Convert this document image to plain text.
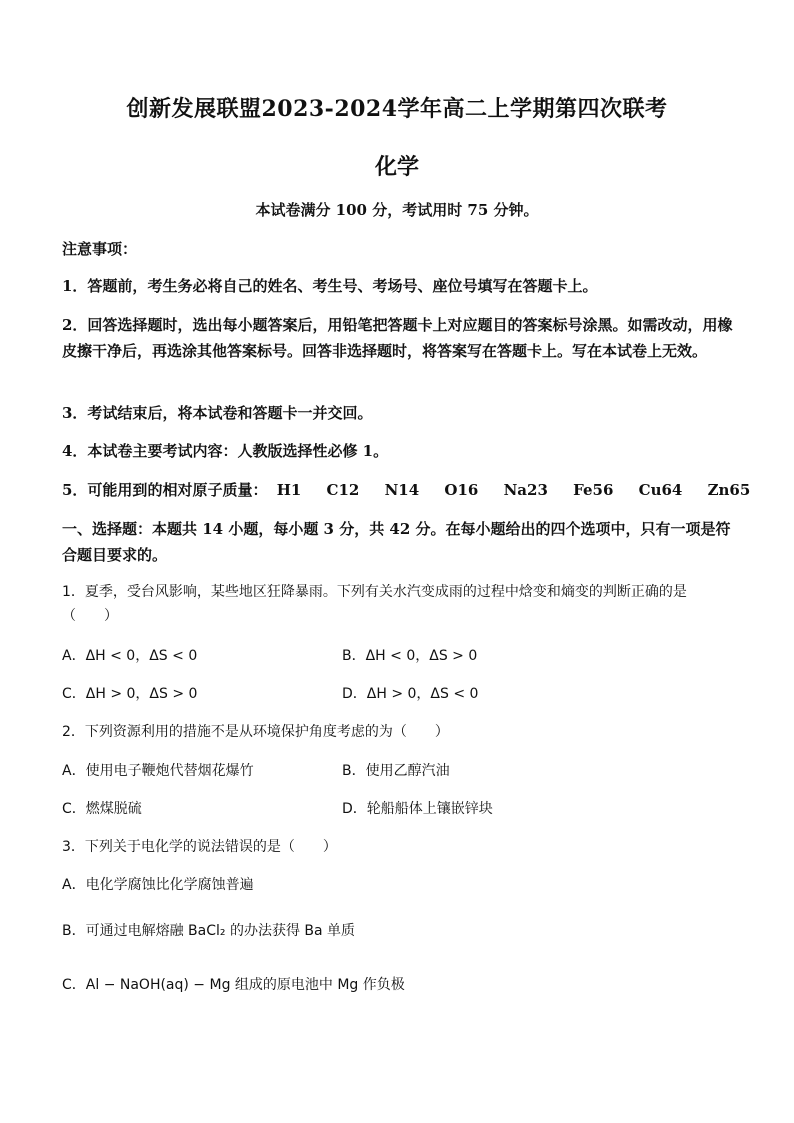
创新发展联盟2023-2024学年高二上学期第四次联考
化学
本试卷满分 100 分，考试用时 75 分钟。
注意事项：
1．答题前，考生务必将自己的姓名、考生号、考场号、座位号填写在答题卡上。
2．回答选择题时，选出每小题答案后，用铅笔把答题卡上对应题目的答案标号涂黑。如需改动，用橡皮擦干净后，再选涂其他答案标号。回答非选择题时，将答案写在答题卡上。写在本试卷上无效。
3．考试结束后，将本试卷和答题卡一并交回。
4．本试卷主要考试内容：人教版选择性必修 1。
5．可能用到的相对原子质量： H1 C12 N14 O16 Na23 Fe56 Cu64 Zn65
一、选择题：本题共 14 小题，每小题 3 分，共 42 分。在每小题给出的四个选项中，只有一项是符合题目要求的。
1．夏季，受台风影响，某些地区狂降暴雨。下列有关水汽变成雨的过程中焓变和熵变的判断正确的是（　　）
A．ΔH < 0，ΔS < 0	B．ΔH < 0，ΔS > 0
C．ΔH > 0，ΔS > 0	D．ΔH > 0，ΔS < 0
2．下列资源利用的措施不是从环境保护角度考虑的为（　　）
A．使用电子鞭炮代替烟花爆竹	B．使用乙醇汽油
C．燃煤脱硫	D．轮船船体上镶嵌锌块
3．下列关于电化学的说法错误的是（　　）
A．电化学腐蚀比化学腐蚀普遍
B．可通过电解熔融 BaCl₂ 的办法获得 Ba 单质
C．Al − NaOH(aq) − Mg 组成的原电池中 Mg 作负极
